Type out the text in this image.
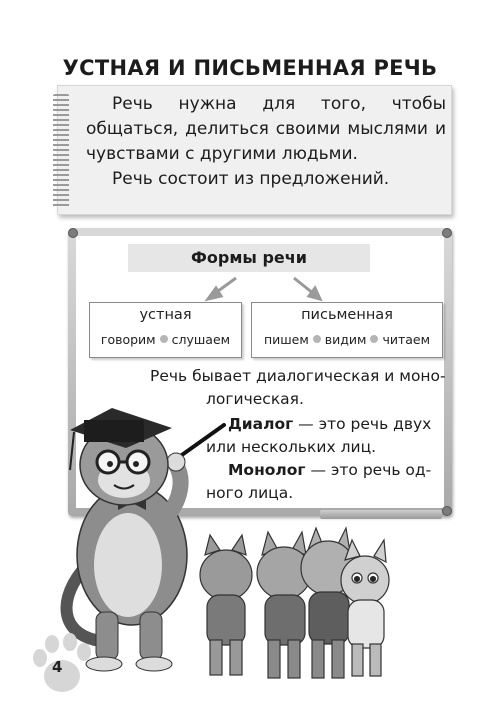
УСТНАЯ И ПИСЬМЕННАЯ РЕЧЬ

Речь нужна для того, чтобы общаться, делиться своими мыслями и чувствами с другими людьми.

Речь состоит из предложений.

Формы речи
устная
говорим слушаем
письменная
пишем видим читаем
Речь бывает диалогическая и моно-
логическая.
Диалог — это речь двух
или нескольких лиц.
Монолог — это речь од-
ного лица.
4
